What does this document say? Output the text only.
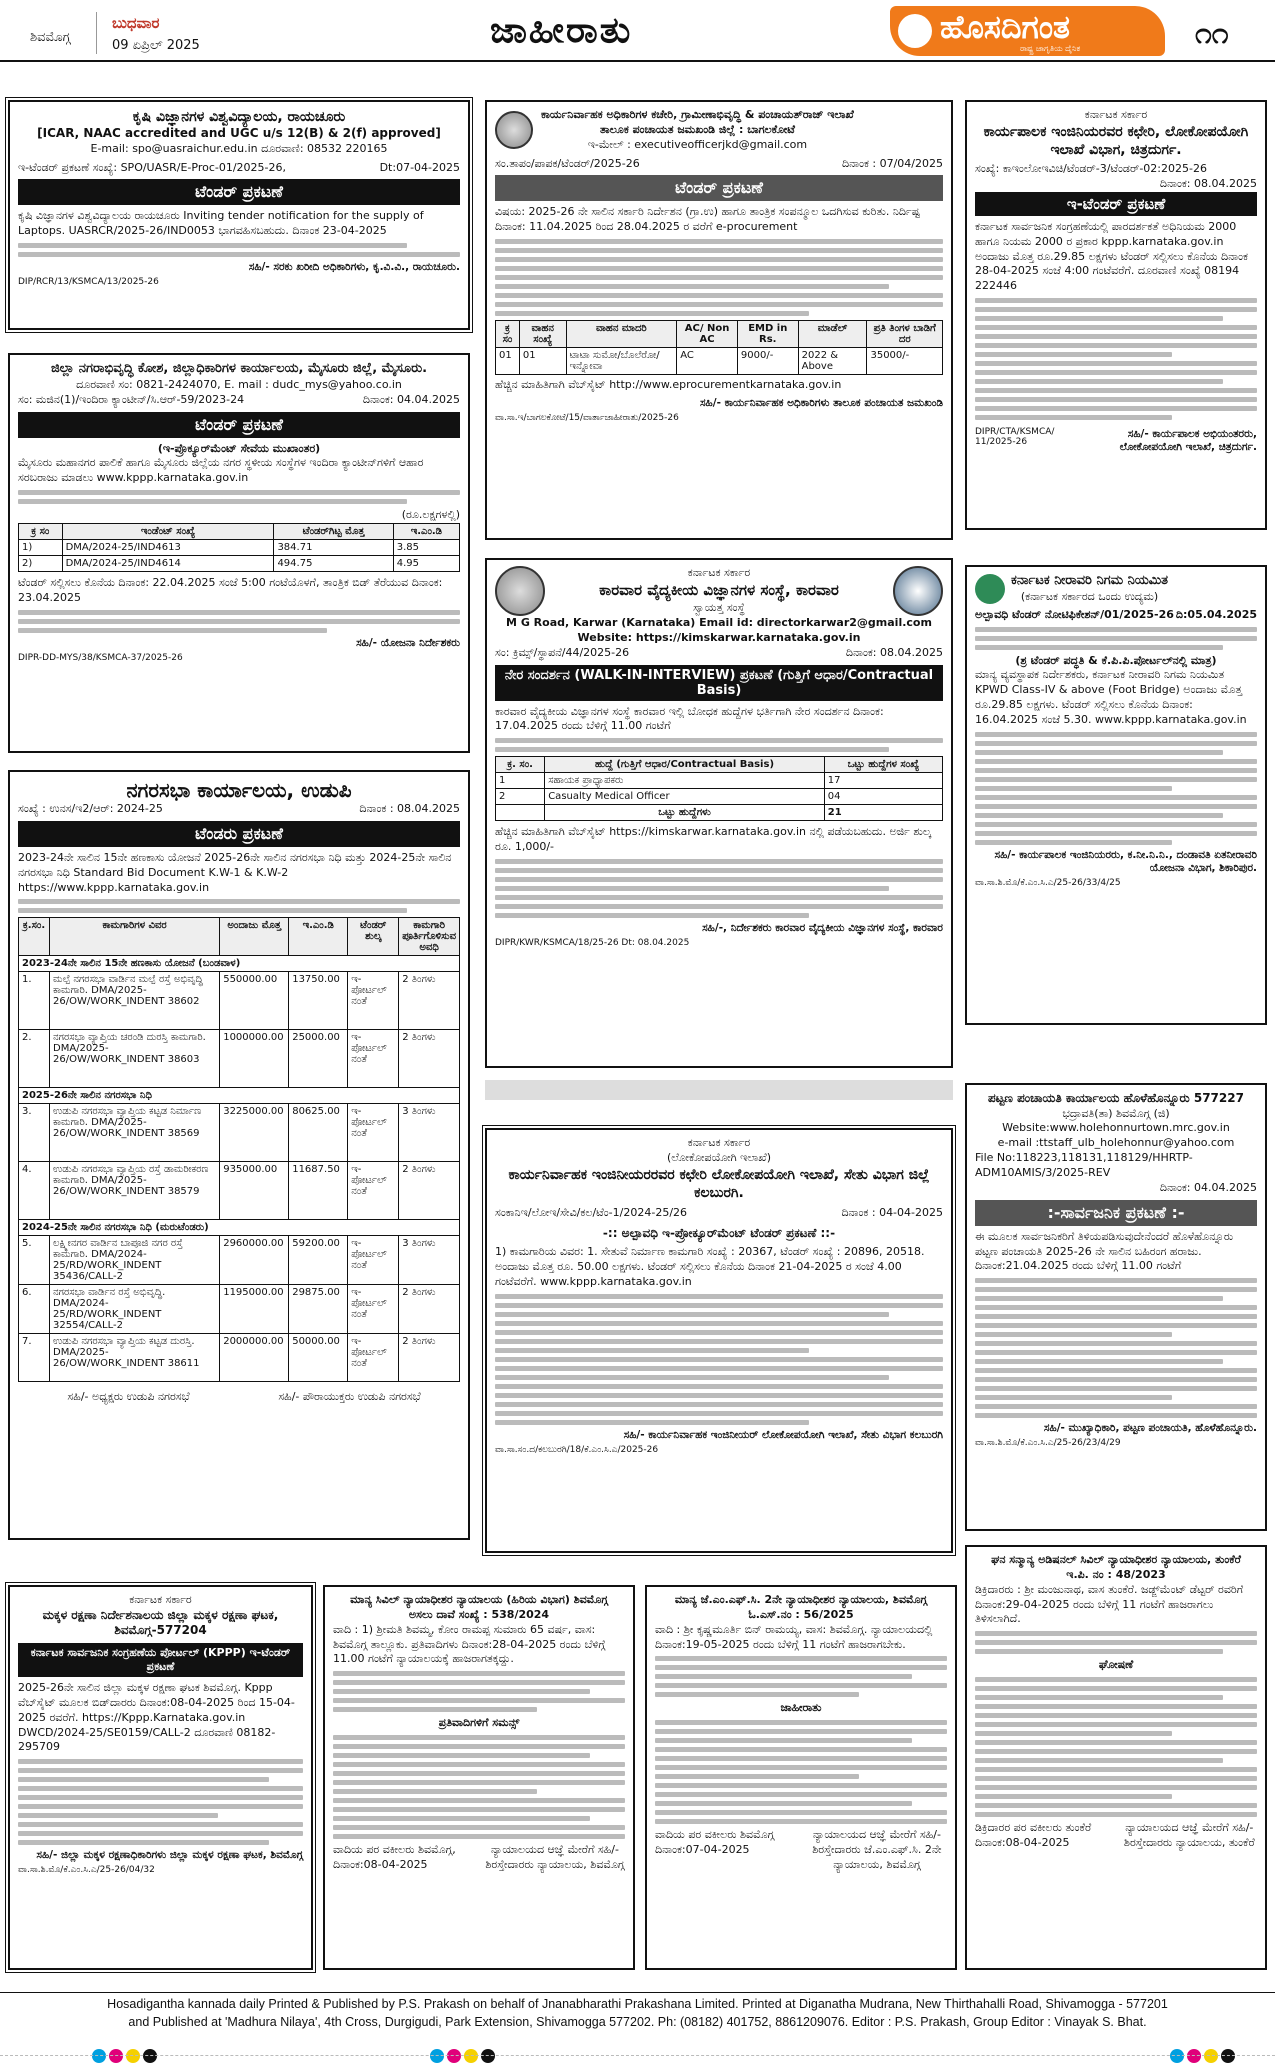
ಶಿವಮೊಗ್ಗ
ಬುಧವಾರ
09 ಏಪ್ರಿಲ್ 2025	ಜಾಹೀರಾತು	ಹೊಸದಿಗಂತ
ರಾಷ್ಟ್ರ ಜಾಗೃತಿಯ ದೈನಿಕ	೧೧
ಕೃಷಿ ವಿಜ್ಞಾನಗಳ ವಿಶ್ವವಿದ್ಯಾಲಯ, ರಾಯಚೂರು
[ICAR, NAAC accredited and UGC u/s 12(B) & 2(f) approved]
E-mail: spo@uasraichur.edu.in ದೂರವಾಣಿ: 08532 220165
ಇ-ಟೆಂಡರ್ ಪ್ರಕಟಣೆ ಸಂಖ್ಯೆ: SPO/UASR/E-Proc-01/2025-26,	Dt:07-04-2025
ಟೆಂಡರ್ ಪ್ರಕಟಣೆ
ಕೃಷಿ ವಿಜ್ಞಾನಗಳ ವಿಶ್ವವಿದ್ಯಾಲಯ ರಾಯಚೂರು Inviting tender notification for the supply of Laptops. UASRCR/2025-26/IND0053 ಭಾಗವಹಿಸಬಹುದು. ದಿನಾಂಕ 23-04-2025
ಸಹಿ/- ಸರಕು ಖರೀದಿ ಅಧಿಕಾರಿಗಳು, ಕೃ.ವಿ.ವಿ., ರಾಯಚೂರು.
DIP/RCR/13/KSMCA/13/2025-26
ಜಿಲ್ಲಾ ನಗರಾಭಿವೃದ್ಧಿ ಕೋಶ, ಜಿಲ್ಲಾಧಿಕಾರಿಗಳ ಕಾರ್ಯಾಲಯ, ಮೈಸೂರು ಜಿಲ್ಲೆ, ಮೈಸೂರು.
ದೂರವಾಣಿ ಸಂ: 0821-2424070, E. mail : dudc_mys@yahoo.co.in
ಸಂ: ಮಜಿನ(1)/ಇಂದಿರಾ ಕ್ಯಾಂಟೀನ್/ಸಿ.ಆರ್-59/2023-24	ದಿನಾಂಕ: 04.04.2025
ಟೆಂಡರ್ ಪ್ರಕಟಣೆ
(ಇ-ಪ್ರೊಕ್ಯೂರ್‌ಮೆಂಟ್ ಸೇವೆಯ ಮುಖಾಂತರ)
ಮೈಸೂರು ಮಹಾನಗರ ಪಾಲಿಕೆ ಹಾಗೂ ಮೈಸೂರು ಜಿಲ್ಲೆಯ ನಗರ ಸ್ಥಳೀಯ ಸಂಸ್ಥೆಗಳ ಇಂದಿರಾ ಕ್ಯಾಂಟೀನ್‌ಗಳಿಗೆ ಆಹಾರ ಸರಬರಾಜು ಮಾಡಲು www.kppp.karnataka.gov.in
(ರೂ.ಲಕ್ಷಗಳಲ್ಲಿ)
ಕ್ರ ಸಂ	ಇಂಡೆಂಟ್ ಸಂಖ್ಯೆ	ಟೆಂಡರ್‌ಗಿಟ್ಟ ಮೊತ್ತ	ಇ.ಎಂ.ಡಿ
1)	DMA/2024-25/IND4613	384.71	3.85
2)	DMA/2024-25/IND4614	494.75	4.95
ಟೆಂಡರ್ ಸಲ್ಲಿಸಲು ಕೊನೆಯ ದಿನಾಂಕ: 22.04.2025 ಸಂಜೆ 5:00 ಗಂಟೆಯೊಳಗೆ, ತಾಂತ್ರಿಕ ಬಿಡ್ ತೆರೆಯುವ ದಿನಾಂಕ: 23.04.2025
ಸಹಿ/- ಯೋಜನಾ ನಿರ್ದೇಶಕರು
DIPR-DD-MYS/38/KSMCA-37/2025-26
ನಗರಸಭಾ ಕಾರ್ಯಾಲಯ, ಉಡುಪಿ
ಸಂಖ್ಯೆ : ಉನಸ/ಇ2/ಆರ್: 2024-25	ದಿನಾಂಕ : 08.04.2025
ಟೆಂಡರು ಪ್ರಕಟಣೆ
2023-24ನೇ ಸಾಲಿನ 15ನೇ ಹಣಕಾಸು ಯೋಜನೆ 2025-26ನೇ ಸಾಲಿನ ನಗರಸಭಾ ನಿಧಿ ಮತ್ತು 2024-25ನೇ ಸಾಲಿನ ನಗರಸಭಾ ನಿಧಿ Standard Bid Document K.W-1 & K.W-2 https://www.kppp.karnataka.gov.in
ಕ್ರ.ಸಂ.	ಕಾಮಗಾರಿಗಳ ವಿವರ	ಅಂದಾಜು ಮೊತ್ತ	ಇ.ಎಂ.ಡಿ	ಟೆಂಡರ್ ಶುಲ್ಕ	ಕಾಮಗಾರಿ ಪೂರ್ತಿಗೊಳಿಸುವ ಅವಧಿ
2023-24ನೇ ಸಾಲಿನ 15ನೇ ಹಣಕಾಸು ಯೋಜನೆ (ಬಂಡವಾಳ)					
1.	ಮಲ್ಪೆ ನಗರಸಭಾ ವಾರ್ಡಿನ ಮಲ್ಪೆ ರಸ್ತೆ ಅಭಿವೃದ್ಧಿ ಕಾಮಗಾರಿ. DMA/2025-26/OW/WORK_INDENT 38602	550000.00	13750.00	ಇ-ಪೋರ್ಟಲ್ ನಂತೆ	2 ತಿಂಗಳು
2.	ನಗರಸಭಾ ವ್ಯಾಪ್ತಿಯ ಚರಂಡಿ ದುರಸ್ತಿ ಕಾಮಗಾರಿ. DMA/2025-26/OW/WORK_INDENT 38603	1000000.00	25000.00	ಇ-ಪೋರ್ಟಲ್ ನಂತೆ	2 ತಿಂಗಳು
2025-26ನೇ ಸಾಲಿನ ನಗರಸಭಾ ನಿಧಿ					
3.	ಉಡುಪಿ ನಗರಸಭಾ ವ್ಯಾಪ್ತಿಯ ಕಟ್ಟಡ ನಿರ್ಮಾಣ ಕಾಮಗಾರಿ. DMA/2025-26/OW/WORK_INDENT 38569	3225000.00	80625.00	ಇ-ಪೋರ್ಟಲ್ ನಂತೆ	3 ತಿಂಗಳು
4.	ಉಡುಪಿ ನಗರಸಭಾ ವ್ಯಾಪ್ತಿಯ ರಸ್ತೆ ಡಾಮರೀಕರಣ ಕಾಮಗಾರಿ. DMA/2025-26/OW/WORK_INDENT 38579	935000.00	11687.50	ಇ-ಪೋರ್ಟಲ್ ನಂತೆ	2 ತಿಂಗಳು
2024-25ನೇ ಸಾಲಿನ ನಗರಸಭಾ ನಿಧಿ (ಮರುಟೆಂಡರು)					
5.	ಲಕ್ಷ್ಮೀನಗರ ವಾರ್ಡಿನ ಬಾಪೂಜಿ ನಗರ ರಸ್ತೆ ಕಾಮಗಾರಿ. DMA/2024-25/RD/WORK_INDENT 35436/CALL-2	2960000.00	59200.00	ಇ-ಪೋರ್ಟಲ್ ನಂತೆ	3 ತಿಂಗಳು
6.	ನಗರಸಭಾ ವಾರ್ಡಿನ ರಸ್ತೆ ಅಭಿವೃದ್ಧಿ. DMA/2024-25/RD/WORK_INDENT 32554/CALL-2	1195000.00	29875.00	ಇ-ಪೋರ್ಟಲ್ ನಂತೆ	2 ತಿಂಗಳು
7.	ಉಡುಪಿ ನಗರಸಭಾ ವ್ಯಾಪ್ತಿಯ ಕಟ್ಟಡ ದುರಸ್ತಿ. DMA/2025-26/OW/WORK_INDENT 38611	2000000.00	50000.00	ಇ-ಪೋರ್ಟಲ್ ನಂತೆ	2 ತಿಂಗಳು
ಸಹಿ/- ಅಧ್ಯಕ್ಷರು ಉಡುಪಿ ನಗರಸಭೆ	ಸಹಿ/- ಪೌರಾಯುಕ್ತರು ಉಡುಪಿ ನಗರಸಭೆ
ಕಾರ್ಯನಿರ್ವಾಹಕ ಅಧಿಕಾರಿಗಳ ಕಚೇರಿ, ಗ್ರಾಮೀಣಾಭಿವೃದ್ಧಿ & ಪಂಚಾಯತ್‌ರಾಜ್ ಇಲಾಖೆ
ತಾಲೂಕ ಪಂಚಾಯತ ಜಮಖಂಡಿ ಜಿಲ್ಲೆ : ಬಾಗಲಕೋಟೆ
ಇ-ಮೇಲ್ : executiveofficerjkd@gmail.com
ಸಂ.ತಾಪಂ/ಪಾಪಕ/ಟೆಂಡರ್/2025-26	ದಿನಾಂಕ : 07/04/2025
ಟೆಂಡರ್ ಪ್ರಕಟಣೆ
ವಿಷಯ: 2025-26 ನೇ ಸಾಲಿನ ಸರ್ಕಾರಿ ನಿರ್ದೇಶನ (ಗ್ರಾ.ಉ) ಹಾಗೂ ತಾಂತ್ರಿಕ ಸಂಪನ್ಮೂಲ ಒದಗಿಸುವ ಕುರಿತು. ನಿರ್ದಿಷ್ಟ ದಿನಾಂಕ: 11.04.2025 ರಿಂದ 28.04.2025 ರ ವರೆಗೆ e-procurement
ಕ್ರ ಸಂ	ವಾಹನ ಸಂಖ್ಯೆ	ವಾಹನ ಮಾದರಿ	AC/ Non AC	EMD in Rs.	ಮಾಡೆಲ್	ಪ್ರತಿ ತಿಂಗಳ ಬಾಡಿಗೆ ದರ
01	01	ಟಾಟಾ ಸುಮೋ/ಬೊಲೆರೋ/ಇನ್ನೋವಾ	AC	9000/-	2022 & Above	35000/-
ಹೆಚ್ಚಿನ ಮಾಹಿತಿಗಾಗಿ ವೆಬ್‌ಸೈಟ್ http://www.eprocurementkarnataka.gov.in
ಸಹಿ/- ಕಾರ್ಯನಿರ್ವಾಹಕ ಅಧಿಕಾರಿಗಳು ತಾಲೂಕ ಪಂಚಾಯತ ಜಮಖಂಡಿ
ವಾ.ಸಾ.ಇ/ಬಾಗಲಕೋಟೆ/15/ವಾರ್ತಾಜಾಹೀರಾತು/2025-26
ಕರ್ನಾಟಕ ಸರ್ಕಾರ
ಕಾರ್ಯಪಾಲಕ ಇಂಜಿನಿಯರವರ ಕಛೇರಿ, ಲೋಕೋಪಯೋಗಿ ಇಲಾಖೆ ವಿಭಾಗ, ಚಿತ್ರದುರ್ಗ.
ಸಂಖ್ಯೆ: ಕಾಇಂಲೋಇವಿಚಿ/ಟೆಂಡರ್-3/ಟೆಂಡರ್-02:2025-26
ದಿನಾಂಕ: 08.04.2025
ಇ-ಟೆಂಡರ್ ಪ್ರಕಟಣೆ
ಕರ್ನಾಟಕ ಸಾರ್ವಜನಿಕ ಸಂಗ್ರಹಣೆಯಲ್ಲಿ ಪಾರದರ್ಶಕತೆ ಅಧಿನಿಯಮ 2000 ಹಾಗೂ ನಿಯಮ 2000 ರ ಪ್ರಕಾರ kppp.karnataka.gov.in ಅಂದಾಜು ಮೊತ್ತ ರೂ.29.85 ಲಕ್ಷಗಳು ಟೆಂಡರ್ ಸಲ್ಲಿಸಲು ಕೊನೆಯ ದಿನಾಂಕ 28-04-2025 ಸಂಜೆ 4:00 ಗಂಟೆವರೆಗೆ. ದೂರವಾಣಿ ಸಂಖ್ಯೆ 08194 222446
DIPR/CTA/KSMCA/ 11/2025-26
ಸಹಿ/- ಕಾರ್ಯಪಾಲಕ ಅಭಿಯಂತರರು, ಲೋಕೋಪಯೋಗಿ ಇಲಾಖೆ, ಚಿತ್ರದುರ್ಗ.
ಕರ್ನಾಟಕ ಸರ್ಕಾರ
ಕಾರವಾರ ವೈದ್ಯಕೀಯ ವಿಜ್ಞಾನಗಳ ಸಂಸ್ಥೆ, ಕಾರವಾರ
ಸ್ವಾಯತ್ತ ಸಂಸ್ಥೆ
M G Road, Karwar (Karnataka) Email id: directorkarwar2@gmail.com Website: https://kimskarwar.karnataka.gov.in
ಸಂ: ಕ್ರಿಮ್ಸ್/ಸ್ಥಾಪನೆ/44/2025-26	ದಿನಾಂಕ: 08.04.2025
ನೇರ ಸಂದರ್ಶನ (WALK-IN-INTERVIEW) ಪ್ರಕಟಣೆ (ಗುತ್ತಿಗೆ ಆಧಾರ/Contractual Basis)
ಕಾರವಾರ ವೈದ್ಯಕೀಯ ವಿಜ್ಞಾನಗಳ ಸಂಸ್ಥೆ ಕಾರವಾರ ಇಲ್ಲಿ ಬೋಧಕ ಹುದ್ದೆಗಳ ಭರ್ತಿಗಾಗಿ ನೇರ ಸಂದರ್ಶನ ದಿನಾಂಕ: 17.04.2025 ರಂದು ಬೆಳಿಗ್ಗೆ 11.00 ಗಂಟೆಗೆ
ಕ್ರ. ಸಂ.	ಹುದ್ದೆ (ಗುತ್ತಿಗೆ ಆಧಾರ/Contractual Basis)	ಒಟ್ಟು ಹುದ್ದೆಗಳ ಸಂಖ್ಯೆ
1	ಸಹಾಯಕ ಪ್ರಾಧ್ಯಾಪಕರು	17
2	Casualty Medical Officer	04
	ಒಟ್ಟು ಹುದ್ದೆಗಳು	21
ಹೆಚ್ಚಿನ ಮಾಹಿತಿಗಾಗಿ ವೆಬ್‌ಸೈಟ್ https://kimskarwar.karnataka.gov.in ನಲ್ಲಿ ಪಡೆಯಬಹುದು. ಅರ್ಜಿ ಶುಲ್ಕ ರೂ. 1,000/-
ಸಹಿ/-, ನಿರ್ದೇಶಕರು ಕಾರವಾರ ವೈದ್ಯಕೀಯ ವಿಜ್ಞಾನಗಳ ಸಂಸ್ಥೆ, ಕಾರವಾರ
DIPR/KWR/KSMCA/18/25-26 Dt: 08.04.2025
ಕರ್ನಾಟಕ ನೀರಾವರಿ ನಿಗಮ ನಿಯಮಿತ
(ಕರ್ನಾಟಕ ಸರ್ಕಾರದ ಒಂದು ಉದ್ಯಮ)
ಅಲ್ಪಾವಧಿ ಟೆಂಡರ್ ನೋಟಿಫಿಕೇಶನ್/01/2025-26 ದಿ:05.04.2025
(ಶ್ರ ಟೆಂಡರ್ ಪದ್ಧತಿ & ಕೆ.ಪಿ.ಪಿ.ಪೋರ್ಟಲ್‌ನಲ್ಲಿ ಮಾತ್ರ)
ಮಾನ್ಯ ವ್ಯವಸ್ಥಾಪಕ ನಿರ್ದೇಶಕರು, ಕರ್ನಾಟಕ ನೀರಾವರಿ ನಿಗಮ ನಿಯಮಿತ KPWD Class-IV & above (Foot Bridge) ಅಂದಾಜು ಮೊತ್ತ ರೂ.29.85 ಲಕ್ಷಗಳು. ಟೆಂಡರ್ ಸಲ್ಲಿಸಲು ಕೊನೆಯ ದಿನಾಂಕ: 16.04.2025 ಸಂಜೆ 5.30. www.kppp.karnataka.gov.in
ಸಹಿ/- ಕಾರ್ಯಪಾಲಕ ಇಂಜಿನಿಯರರು, ಕ.ನೀ.ನಿ.ನಿ., ದಂಡಾವತಿ ಏತನೀರಾವರಿ ಯೋಜನಾ ವಿಭಾಗ, ಶಿಕಾರಿಪುರ.
ವಾ.ಸಾ.ಶಿ.ಮೊ/ಕೆ.ಎಂ.ಸಿ.ಎ/25-26/33/4/25
ಪಟ್ಟಣ ಪಂಚಾಯತಿ ಕಾರ್ಯಾಲಯ ಹೊಳೆಹೊನ್ನೂರು 577227
ಭದ್ರಾವತಿ(ತಾ) ಶಿವಮೊಗ್ಗ (ಜಿ)
Website:www.holehonnurtown.mrc.gov.in
e-mail :ttstaff_ulb_holehonnur@yahoo.com
File No:118223,118131,118129/HHRTP-ADM10AMIS/3/2025-REV
ದಿನಾಂಕ: 04.04.2025
:-ಸಾರ್ವಜನಿಕ ಪ್ರಕಟಣೆ :-
ಈ ಮೂಲಕ ಸಾರ್ವಜನಿಕರಿಗೆ ತಿಳಿಯಪಡಿಸುವುದೇನೆಂದರೆ ಹೊಳೆಹೊನ್ನೂರು ಪಟ್ಟಣ ಪಂಚಾಯತಿ 2025-26 ನೇ ಸಾಲಿನ ಬಹಿರಂಗ ಹರಾಜು. ದಿನಾಂಕ:21.04.2025 ರಂದು ಬೆಳಿಗ್ಗೆ 11.00 ಗಂಟೆಗೆ
ಸಹಿ/- ಮುಖ್ಯಾಧಿಕಾರಿ, ಪಟ್ಟಣ ಪಂಚಾಯತಿ, ಹೊಳೆಹೊನ್ನೂರು.
ವಾ.ಸಾ.ಶಿ.ಮೊ/ಕೆ.ಎಂ.ಸಿ.ಎ/25-26/23/4/29
ಕರ್ನಾಟಕ ಸರ್ಕಾರ
(ಲೋಕೋಪಯೋಗಿ ಇಲಾಖೆ)
ಕಾರ್ಯನಿರ್ವಾಹಕ ಇಂಜಿನೀಯರರವರ ಕಛೇರಿ ಲೋಕೋಪಯೋಗಿ ಇಲಾಖೆ, ಸೇತು ವಿಭಾಗ ಜಿಲ್ಲೆ ಕಲಬುರಗಿ.
ಸಂಕಾನಿಇ/ಲೋಇ/ಸೇವಿ/ಕಲ/ಟೆಂ-1/2024-25/26	ದಿನಾಂಕ : 04-04-2025
-:: ಅಲ್ಪಾವಧಿ ಇ-ಪ್ರೋಕ್ಯೂರ್‌ಮೆಂಟ್ ಟೆಂಡರ್ ಪ್ರಕಟಣೆ ::-
1) ಕಾಮಗಾರಿಯ ವಿವರ: 1. ಸೇತುವೆ ನಿರ್ಮಾಣ ಕಾಮಗಾರಿ ಸಂಖ್ಯೆ : 20367, ಟೆಂಡರ್ ಸಂಖ್ಯೆ : 20896, 20518. ಅಂದಾಜು ಮೊತ್ತ ರೂ. 50.00 ಲಕ್ಷಗಳು. ಟೆಂಡರ್ ಸಲ್ಲಿಸಲು ಕೊನೆಯ ದಿನಾಂಕ 21-04-2025 ರ ಸಂಜೆ 4.00 ಗಂಟೆವರೆಗೆ. www.kppp.karnataka.gov.in
ಸಹಿ/- ಕಾರ್ಯನಿರ್ವಾಹಕ ಇಂಜಿನೀಯರ್ ಲೋಕೋಪಯೋಗಿ ಇಲಾಖೆ, ಸೇತು ವಿಭಾಗ ಕಲಬುರಗಿ
ವಾ.ಸಾ.ಸಂ.ದ/ಕಲಬುರಗಿ/18/ಕೆ.ಎಂ.ಸಿ.ಎ/2025-26
ಕರ್ನಾಟಕ ಸರ್ಕಾರ
ಮಕ್ಕಳ ರಕ್ಷಣಾ ನಿರ್ದೇಶನಾಲಯ ಜಿಲ್ಲಾ ಮಕ್ಕಳ ರಕ್ಷಣಾ ಘಟಕ, ಶಿವಮೊಗ್ಗ-577204
ಕರ್ನಾಟಕ ಸಾರ್ವಜನಿಕ ಸಂಗ್ರಹಣೆಯ ಪೋರ್ಟಲ್ (KPPP) ಇ-ಟೆಂಡರ್ ಪ್ರಕಟಣೆ
2025-26ನೇ ಸಾಲಿನ ಜಿಲ್ಲಾ ಮಕ್ಕಳ ರಕ್ಷಣಾ ಘಟಕ ಶಿವಮೊಗ್ಗ. Kppp ವೆಬ್‌ಸೈಟ್ ಮೂಲಕ ಬಿಡ್‌ದಾರರು ದಿನಾಂಕ:08-04-2025 ರಿಂದ 15-04-2025 ರವರೆಗೆ. https://Kppp.Karnataka.gov.in DWCD/2024-25/SE0159/CALL-2 ದೂರವಾಣಿ 08182-295709
ಸಹಿ/- ಜಿಲ್ಲಾ ಮಕ್ಕಳ ರಕ್ಷಣಾಧಿಕಾರಿಗಳು ಜಿಲ್ಲಾ ಮಕ್ಕಳ ರಕ್ಷಣಾ ಘಟಕ, ಶಿವಮೊಗ್ಗ
ವಾ.ಸಾ.ಶಿ.ಮೊ/ಕೆ.ಎಂ.ಸಿ.ಎ/25-26/04/32
ಮಾನ್ಯ ಸಿವಿಲ್ ನ್ಯಾಯಾಧೀಶರ ನ್ಯಾಯಾಲಯ (ಹಿರಿಯ ವಿಭಾಗ) ಶಿವಮೊಗ್ಗ
ಅಸಲು ದಾವೆ ಸಂಖ್ಯೆ : 538/2024
ವಾದಿ : 1) ಶ್ರೀಮತಿ ಶಿವಮ್ಮ, ಕೋಂ ರಾಮಪ್ಪ ಸುಮಾರು 65 ವರ್ಷ, ವಾಸ: ಶಿವಮೊಗ್ಗ ತಾಲ್ಲೂಕು. ಪ್ರತಿವಾದಿಗಳು ದಿನಾಂಕ:28-04-2025 ರಂದು ಬೆಳಿಗ್ಗೆ 11.00 ಗಂಟೆಗೆ ನ್ಯಾಯಾಲಯಕ್ಕೆ ಹಾಜರಾಗತಕ್ಕದ್ದು.
ಪ್ರತಿವಾದಿಗಳಿಗೆ ಸಮನ್ಸ್
ವಾದಿಯ ಪರ ವಕೀಲರು ಶಿವಮೊಗ್ಗ, ದಿನಾಂಕ:08-04-2025
ನ್ಯಾಯಾಲಯದ ಆಜ್ಞೆ ಮೇರೆಗೆ ಸಹಿ/- ಶಿರಸ್ತೇದಾರರು ನ್ಯಾಯಾಲಯ, ಶಿವಮೊಗ್ಗ
ಮಾನ್ಯ ಜೆ.ಎಂ.ಎಫ್.ಸಿ. 2ನೇ ನ್ಯಾಯಾಧೀಶರ ನ್ಯಾಯಾಲಯ, ಶಿವಮೊಗ್ಗ
ಓ.ಎಸ್.ನಂ : 56/2025
ವಾದಿ : ಶ್ರೀ ಕೃಷ್ಣಮೂರ್ತಿ ಬಿನ್ ರಾಮಯ್ಯ, ವಾಸ: ಶಿವಮೊಗ್ಗ. ನ್ಯಾಯಾಲಯದಲ್ಲಿ ದಿನಾಂಕ:19-05-2025 ರಂದು ಬೆಳಿಗ್ಗೆ 11 ಗಂಟೆಗೆ ಹಾಜರಾಗಬೇಕು.
ಜಾಹೀರಾತು
ವಾದಿಯ ಪರ ವಕೀಲರು ಶಿವಮೊಗ್ಗ ದಿನಾಂಕ:07-04-2025
ನ್ಯಾಯಾಲಯದ ಆಜ್ಞೆ ಮೇರೆಗೆ ಸಹಿ/- ಶಿರಸ್ತೇದಾರರು ಜೆ.ಎಂ.ಎಫ್.ಸಿ. 2ನೇ ನ್ಯಾಯಾಲಯ, ಶಿವಮೊಗ್ಗ
ಘನ ಸನ್ಮಾನ್ಯ ಅಡಿಷನಲ್ ಸಿವಿಲ್ ನ್ಯಾಯಾಧೀಶರ ನ್ಯಾಯಾಲಯ, ತುಂಕೆರೆ
ಇ.ಪಿ. ನಂ : 48/2023
ಡಿಕ್ರಿದಾರರು : ಶ್ರೀ ಮಂಜುನಾಥ, ವಾಸ ತುಂಕೆರೆ. ಜಡ್ಜ್‌ಮೆಂಟ್ ಡೆಟ್ಟರ್ ರವರಿಗೆ ದಿನಾಂಕ:29-04-2025 ರಂದು ಬೆಳಿಗ್ಗೆ 11 ಗಂಟೆಗೆ ಹಾಜರಾಗಲು ತಿಳಿಸಲಾಗಿದೆ.
ಘೋಷಣೆ
ಡಿಕ್ರಿದಾರರ ಪರ ವಕೀಲರು ತುಂಕೆರೆ ದಿನಾಂಕ:08-04-2025
ನ್ಯಾಯಾಲಯದ ಆಜ್ಞೆ ಮೇರೆಗೆ ಸಹಿ/- ಶಿರಸ್ತೇದಾರರು ನ್ಯಾಯಾಲಯ, ತುಂಕೆರೆ
Hosadigantha kannada daily Printed & Published by P.S. Prakash on behalf of Jnanabharathi Prakashana Limited. Printed at Diganatha Mudrana, New Thirthahalli Road, Shivamogga - 577201
and Published at 'Madhura Nilaya', 4th Cross, Durgigudi, Park Extension, Shivamogga 577202. Ph: (08182) 401752, 8861209076. Editor : P.S. Prakash, Group Editor : Vinayak S. Bhat.
